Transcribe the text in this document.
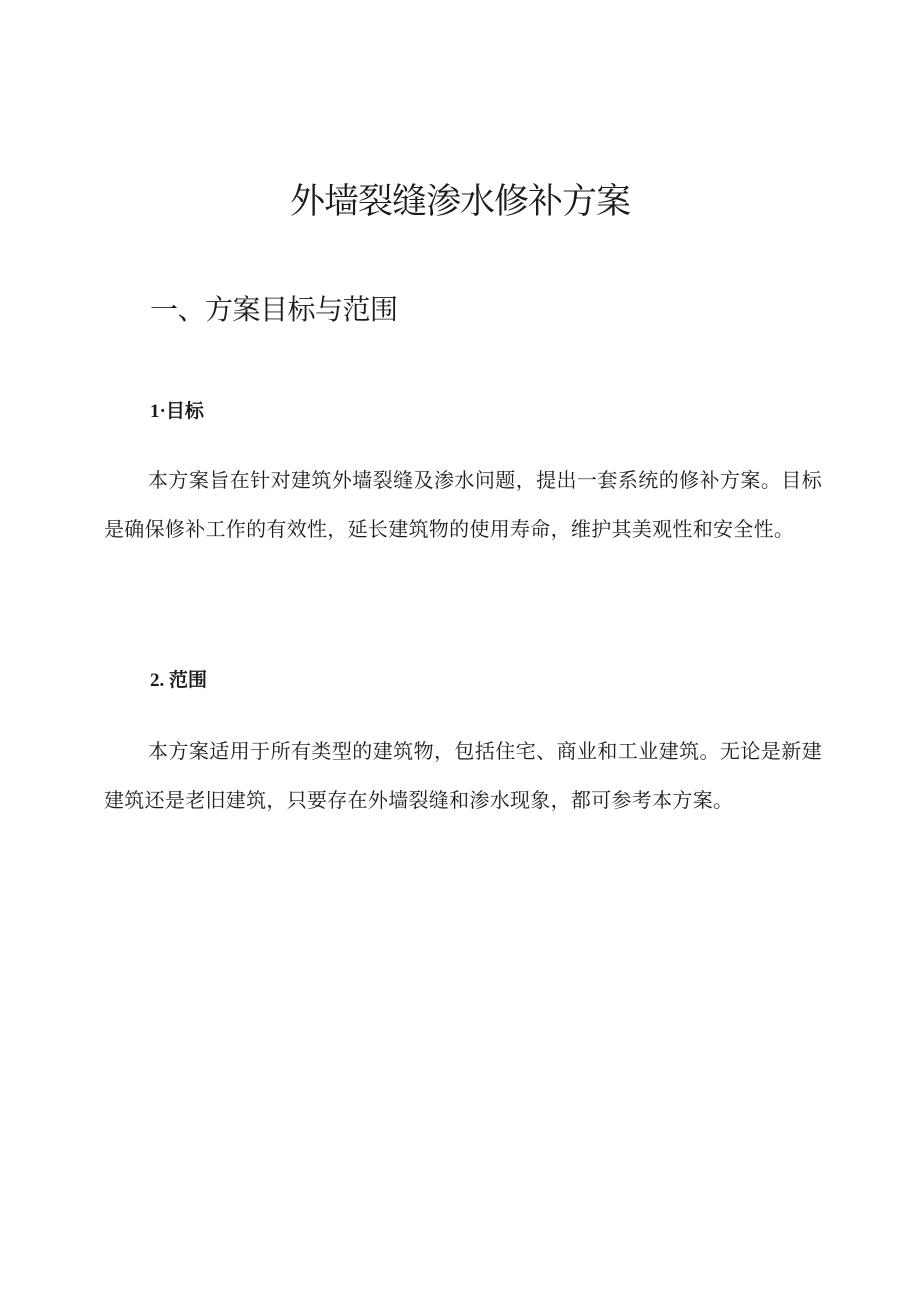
外墙裂缝渗水修补方案
一、方案目标与范围
1·目标

本方案旨在针对建筑外墙裂缝及渗水问题，提出一套系统的修补方案。目标是确保修补工作的有效性，延长建筑物的使用寿命，维护其美观性和安全性。

2. 范围

本方案适用于所有类型的建筑物，包括住宅、商业和工业建筑。无论是新建建筑还是老旧建筑，只要存在外墙裂缝和渗水现象，都可参考本方案。
